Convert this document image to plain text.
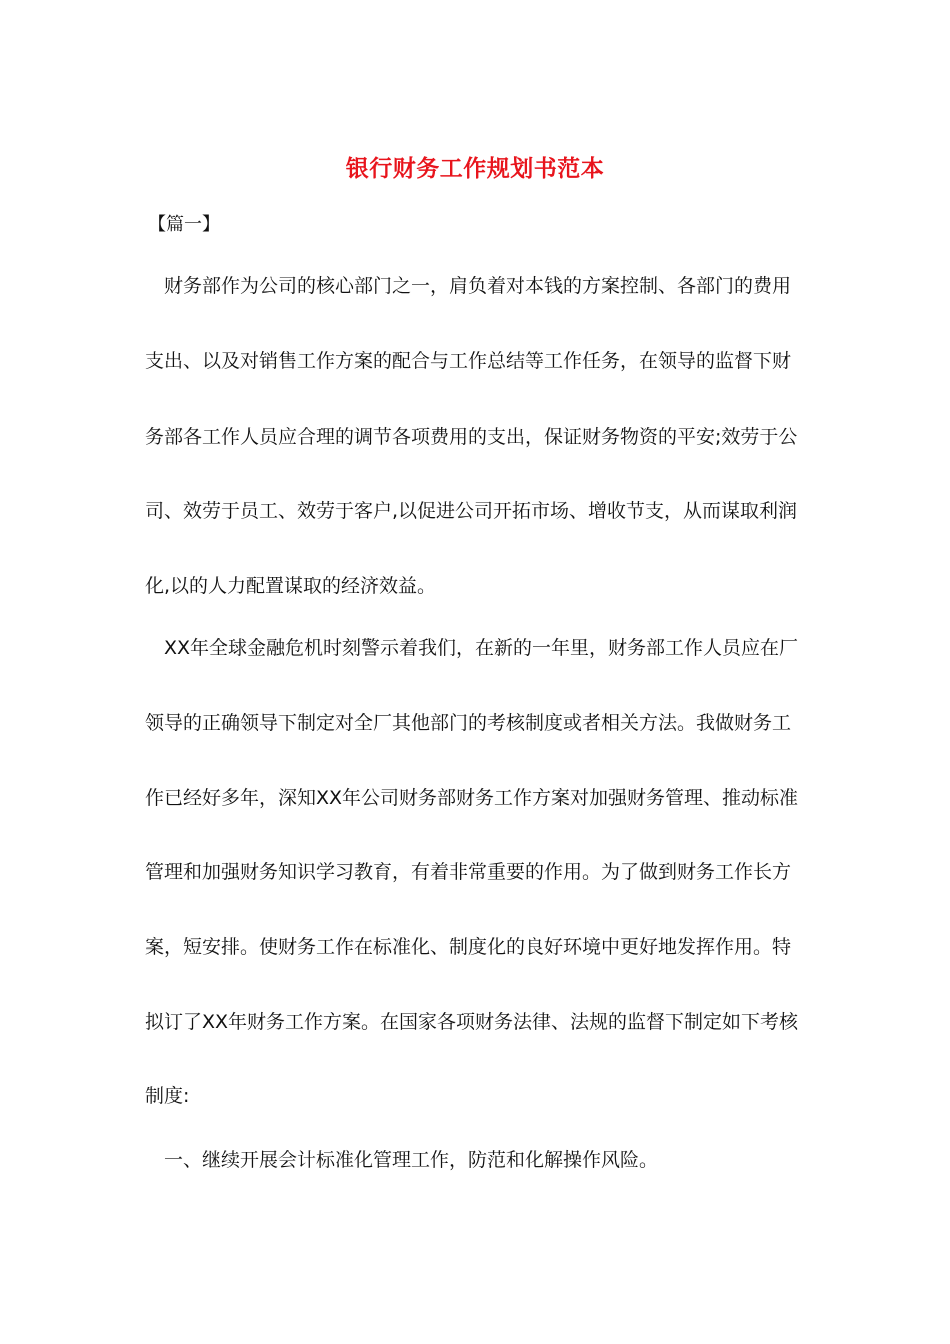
银行财务工作规划书范本
【篇一】
财务部作为公司的核心部门之一，肩负着对本钱的方案控制、各部门的费用
支出、以及对销售工作方案的配合与工作总结等工作任务，在领导的监督下财
务部各工作人员应合理的调节各项费用的支出，保证财务物资的平安;效劳于公
司、效劳于员工、效劳于客户,以促进公司开拓市场、增收节支，从而谋取利润
化,以的人力配置谋取的经济效益。
XX年全球金融危机时刻警示着我们，在新的一年里，财务部工作人员应在厂
领导的正确领导下制定对全厂其他部门的考核制度或者相关方法。我做财务工
作已经好多年，深知XX年公司财务部财务工作方案对加强财务管理、推动标准
管理和加强财务知识学习教育，有着非常重要的作用。为了做到财务工作长方
案，短安排。使财务工作在标准化、制度化的良好环境中更好地发挥作用。特
拟订了XX年财务工作方案。在国家各项财务法律、法规的监督下制定如下考核
制度:
一、继续开展会计标准化管理工作，防范和化解操作风险。
